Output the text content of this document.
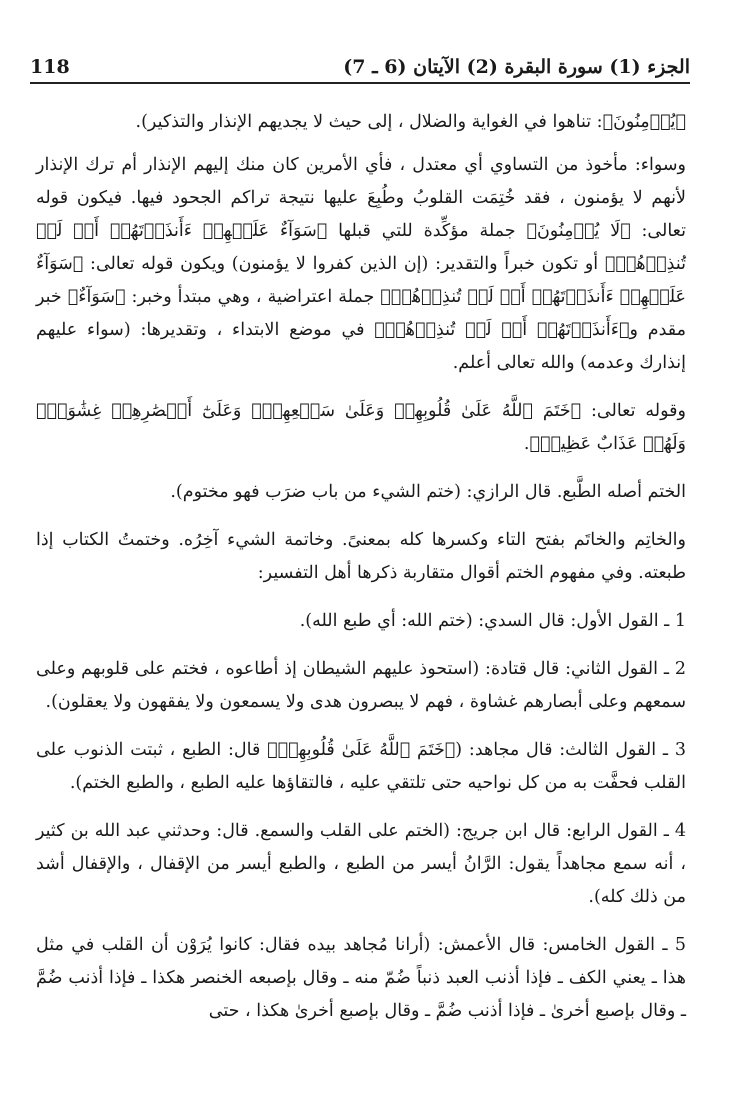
118	الجزء (1) سورة البقرة (2) الآيتان (6 ـ 7)

﴿يُؤۡمِنُونَ﴾: تناهوا في الغواية والضلال ، إلى حيث لا يجديهم الإنذار والتذكير).

وسواء: مأخوذ من التساوي أي معتدل ، فأي الأمرين كان منك إليهم الإنذار أم ترك الإنذار لأنهم لا يؤمنون ، فقد خُتِمَت القلوبُ وطُبِعَ عليها نتيجة تراكم الجحود فيها. فيكون قوله تعالى: ﴿لَا يُؤۡمِنُونَ﴾ جملة مؤكِّدة للتي قبلها ﴿سَوَآءٌ عَلَيۡهِمۡ ءَأَنذَرۡتَهُمۡ أَمۡ لَمۡ تُنذِرۡهُمۡ﴾ أو تكون خبراً والتقدير: (إن الذين كفروا لا يؤمنون) ويكون قوله تعالى: ﴿سَوَآءٌ عَلَيۡهِمۡ ءَأَنذَرۡتَهُمۡ أَمۡ لَمۡ تُنذِرۡهُمۡ﴾ جملة اعتراضية ، وهي مبتدأ وخبر: ﴿سَوَآءٌ﴾ خبر مقدم و﴿ءَأَنذَرۡتَهُمۡ أَمۡ لَمۡ تُنذِرۡهُمۡ﴾ في موضع الابتداء ، وتقديرها: (سواء عليهم إنذارك وعدمه) والله تعالى أعلم.

وقوله تعالى: ﴿خَتَمَ ٱللَّهُ عَلَىٰ قُلُوبِهِمۡ وَعَلَىٰ سَمۡعِهِمۡۖ وَعَلَىٰٓ أَبۡصَٰرِهِمۡ غِشَٰوَةٞۖ وَلَهُمۡ عَذَابٌ عَظِيمٞ﴾.

الختم أصله الطَّبع. قال الرازي: (ختم الشيء من باب ضرَب فهو مختوم).

والخاتِم والخاتَم بفتح التاء وكسرها كله بمعنىً. وخاتمة الشيء آخِرُه. وختمتُ الكتاب إذا طبعته. وفي مفهوم الختم أقوال متقاربة ذكرها أهل التفسير:

1 ـ القول الأول: قال السدي: (ختم الله: أي طبع الله).

2 ـ القول الثاني: قال قتادة: (استحوذ عليهم الشيطان إذ أطاعوه ، فختم على قلوبهم وعلى سمعهم وعلى أبصارهم غشاوة ، فهم لا يبصرون هدى ولا يسمعون ولا يفقهون ولا يعقلون).

3 ـ القول الثالث: قال مجاهد: (﴿خَتَمَ ٱللَّهُ عَلَىٰ قُلُوبِهِمۡ﴾ قال: الطبع ، ثبتت الذنوب على القلب فحفَّت به من كل نواحيه حتى تلتقي عليه ، فالتقاؤها عليه الطبع ، والطبع الختم).

4 ـ القول الرابع: قال ابن جريج: (الختم على القلب والسمع. قال: وحدثني عبد الله بن كثير ، أنه سمع مجاهداً يقول: الرَّانُ أيسر من الطبع ، والطبع أيسر من الإقفال ، والإقفال أشد من ذلك كله).

5 ـ القول الخامس: قال الأعمش: (أرانا مُجاهد بيده فقال: كانوا يُرَوْن أن القلب في مثل هذا ـ يعني الكف ـ فإذا أذنب العبد ذنباً ضُمّ منه ـ وقال بإصبعه الخنصر هكذا ـ فإذا أذنب ضُمَّ ـ وقال بإصبع أخرىٰ ـ فإذا أذنب ضُمَّ ـ وقال بإصبع أخرىٰ هكذا ، حتى
